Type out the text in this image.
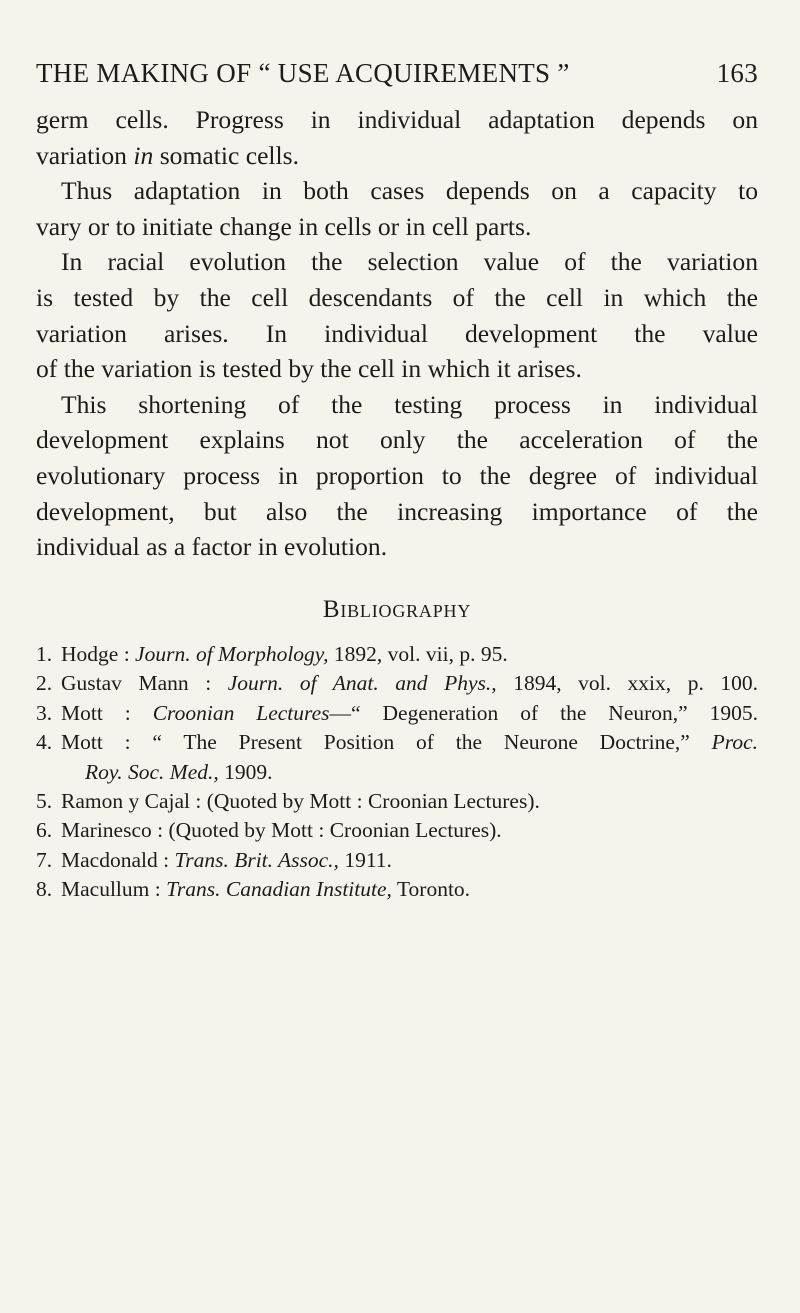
THE MAKING OF “ USE ACQUIREMENTS ”	163
germ cells. Progress in individual adaptation depends on
variation in somatic cells.
Thus adaptation in both cases depends on a capacity to
vary or to initiate change in cells or in cell parts.
In racial evolution the selection value of the variation
is tested by the cell descendants of the cell in which the
variation arises. In individual development the value
of the variation is tested by the cell in which it arises.
This shortening of the testing process in individual
development explains not only the acceleration of the
evolutionary process in proportion to the degree of individual
development, but also the increasing importance of the
individual as a factor in evolution.
Bibliography
1. Hodge : Journ. of Morphology, 1892, vol. vii, p. 95.
2. Gustav Mann : Journ. of Anat. and Phys., 1894, vol. xxix, p. 100.
3. Mott : Croonian Lectures—“ Degeneration of the Neuron,” 1905.
4. Mott : “ The Present Position of the Neurone Doctrine,” Proc.
Roy. Soc. Med., 1909.
5. Ramon y Cajal : (Quoted by Mott : Croonian Lectures).
6. Marinesco : (Quoted by Mott : Croonian Lectures).
7. Macdonald : Trans. Brit. Assoc., 1911.
8. Macullum : Trans. Canadian Institute, Toronto.
